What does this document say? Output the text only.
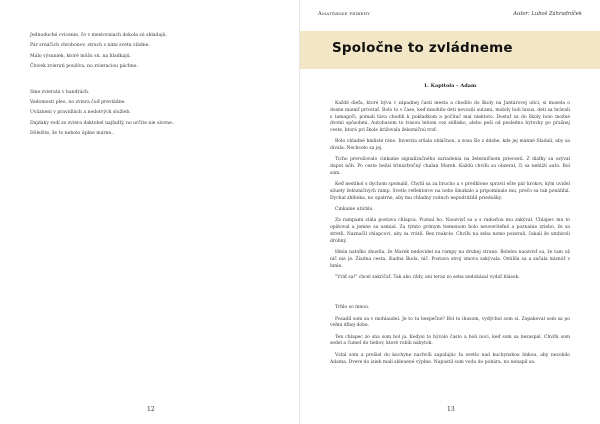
Jednoduché cvicenie, čo v mestovniach dokola sú skladajú.

Pár srnáčich chrobonov, strach s nimi svetu vládne.

Málo výsuniek, ktoré môžu sú, na hladkajú.

Človek zvierati používa, no zvieraciou páchne.

Sme zvieratá v handrách.

Vedomosti pleo, no zviera čuď prevládne.

Uväznení v pravidlách a nedotvých služieb.

Dajdaky rodí zo zviera daktobel najfadlý, no určite nie slovne..

Dôležite, že to nebolo úplne márne..

12
Amatérske príbehy	Autor: Luboš Záhradníček
Spoločne to zvládneme
1. Kapitola – Adam

Každé dieťa, ktoré býva v západnej časti mesta a chodilo do školy na Jantárovej ulici, si musela o dosne mieniť privetať. Bolo to v čase, keď mnohíte deti nevozili autami, mobily boli luxus, deti sa hrávali s tamagoči, pomali táva chodili k pokladkom a počítač mal niektoto. Dostať sa do školy bolo možné dvomi spôsobmi. Autobusom to trasou letiom cez sídlisko, alebo peši od posledno bytovky po prašnej ceste, ktorá pri škole križovala železničnú trať.

Bolo chladné hmlisté ráno. Inverzia sršala obláčnou, a zosa šlo z dúshe, kde jej mánné Sladali, aby sa divala. Nechcelo sa jej.

Ticho prerušovalo cinkanie signalizačného zariadenia na železničnom priecestí. Z diaľky sa ozýval dupot nôh. Po ceste bežal trinásťročný chalan Marek. Každú chvíľu sa obzeral, či sa nebliží auto. Bol sám.

Keď nestihol s dychom spomalil. Chytil sa za brucho a v predklone spravil ešte pár krokov, kým uvidel siluety železničných rámp. Svetlo reflektorov na nebo šmukalo a pripomínalo mu, prečo sa tak ponáhľal. Dychal zhlboka, no opatrne, aby mu chladný vzduch nepodráždil priedušky.

Cinkanie utíchlo.

Za rampami stála postava chlapca. Poznal ho. Naozvisť sa a s radosťou mu zakýval. Chlapec mu to opätoval a jemne sa usmial. Za týmto prímym tiemenom bolo neuveriteľné a poznanie zriebo, že sa stretli. Naznačil chlapcovi, aby sa vrátil. Bez reakcie. Chvíľu na seba nemo pozerali, čakali že umbiroli drobný.

Hmla natoľko zhustla, že Marek nedovidel na rampy na druhej strane. Bolelos naozvisť sa, že tam už nič nie je. Žiadna cesta, žiadna škola, nič. Postava stroj zmova zakývala. Ostilila sa a začala miznúť v hmle.

"Vráť sa!" chcel zakričať. Tak ako vždy, ani teraz zo seba nedokázal vydať hlások.

Trhlo so mnou.

Posadil som sa v mohlaudel. Je to tu bezpečné? Bol to ihusom, vydýchol som si. Zopakoval som sa po veľmi dlhej dobe.

Ten chlapec zo sna som bol ja. Kedysi to bývalo často a bolí noci, keď som sa nezaspal. Chvíľu som sedel a čumel do tieňov, ktoré robili nábytok.

Vstal som a prešiel do kuchyne nachvíli zapalujúc ťa svetlo nad kuchynskou linkou, aby nezobilo Adama. Dvere do izieb mali skleuené výplne. Napustil som vodu do pohára, no nenapil sa.

13
